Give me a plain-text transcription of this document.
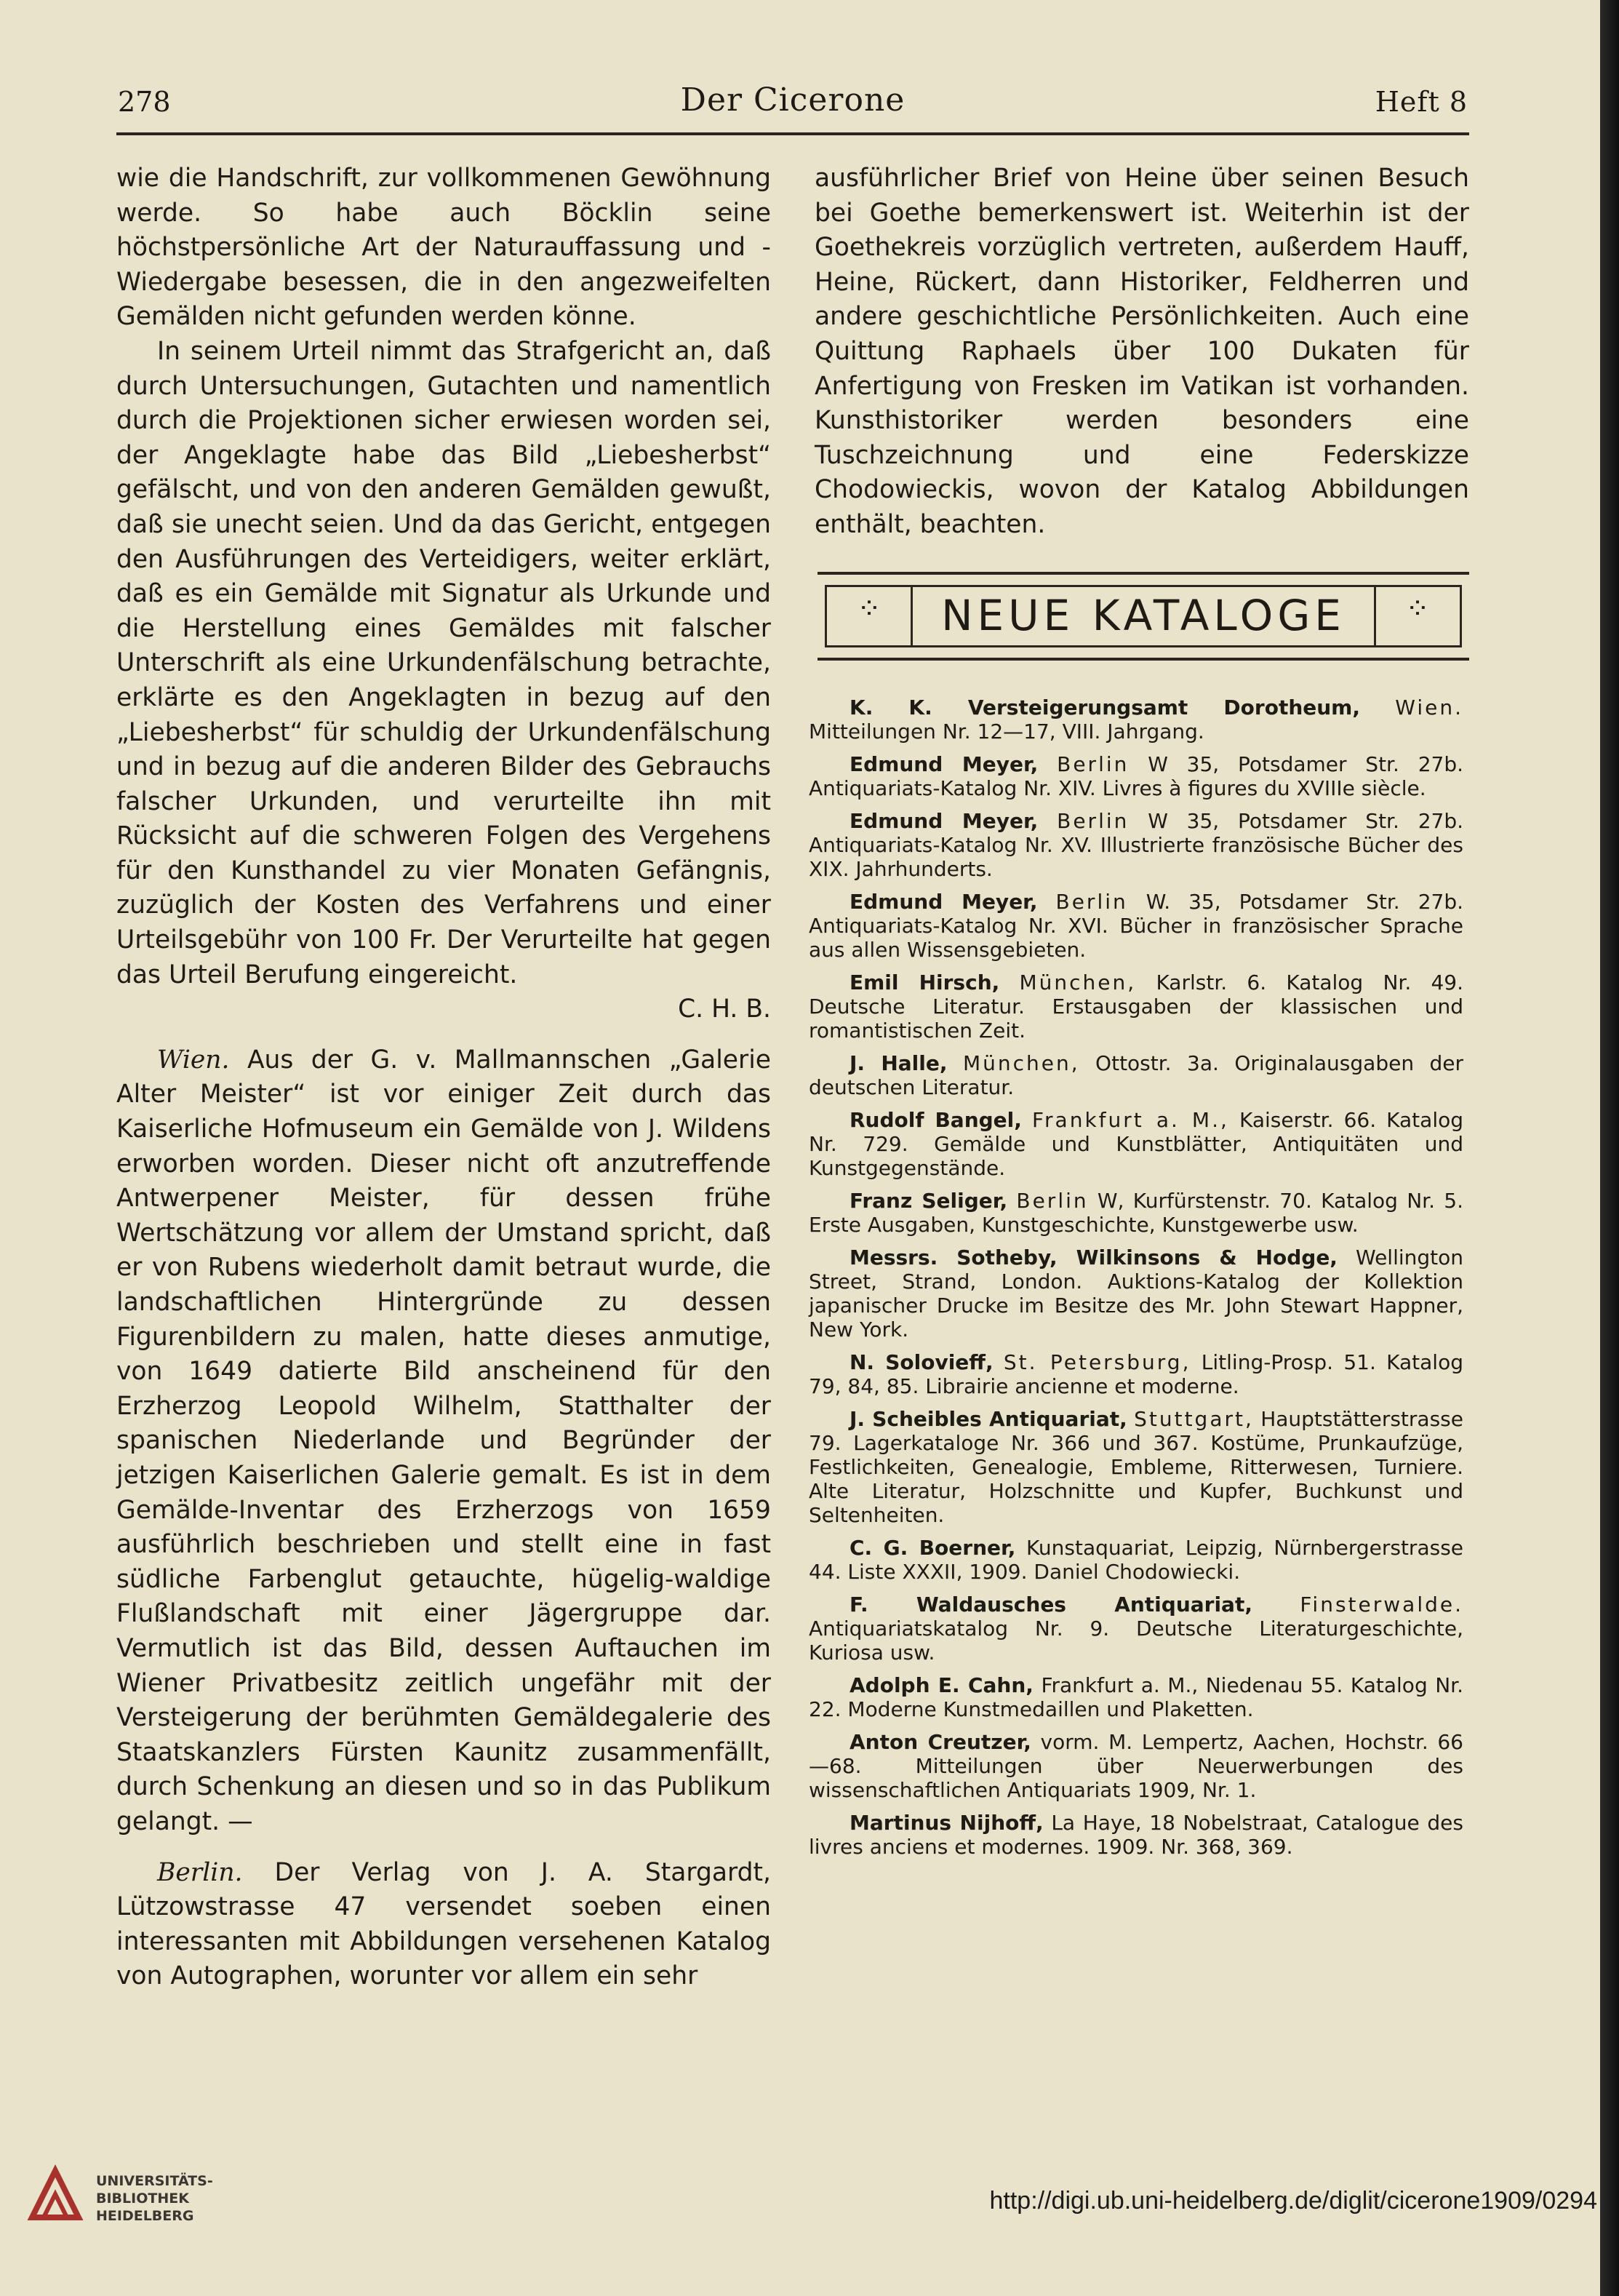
278	Der Cicerone	Heft 8

wie die Handschrift, zur vollkommenen Gewöhnung werde. So habe auch Böcklin seine höchstpersönliche Art der Naturauffassung und -Wiedergabe besessen, die in den angezweifelten Gemälden nicht gefunden werden könne.

In seinem Urteil nimmt das Strafgericht an, daß durch Untersuchungen, Gutachten und namentlich durch die Projektionen sicher erwiesen worden sei, der Angeklagte habe das Bild „Liebesherbst“ gefälscht, und von den anderen Gemälden gewußt, daß sie unecht seien. Und da das Gericht, entgegen den Ausführungen des Verteidigers, weiter erklärt, daß es ein Gemälde mit Signatur als Urkunde und die Herstellung eines Gemäldes mit falscher Unterschrift als eine Urkundenfälschung betrachte, erklärte es den Angeklagten in bezug auf den „Liebesherbst“ für schuldig der Urkundenfälschung und in bezug auf die anderen Bilder des Gebrauchs falscher Urkunden, und verurteilte ihn mit Rücksicht auf die schweren Folgen des Vergehens für den Kunsthandel zu vier Monaten Gefängnis, zuzüglich der Kosten des Verfahrens und einer Urteilsgebühr von 100 Fr. Der Verurteilte hat gegen das Urteil Berufung eingereicht.

C. H. B.

Wien. Aus der G. v. Mallmannschen „Galerie Alter Meister“ ist vor einiger Zeit durch das Kaiserliche Hofmuseum ein Gemälde von J. Wildens erworben worden. Dieser nicht oft anzutreffende Antwerpener Meister, für dessen frühe Wertschätzung vor allem der Umstand spricht, daß er von Rubens wiederholt damit betraut wurde, die landschaftlichen Hintergründe zu dessen Figurenbildern zu malen, hatte dieses anmutige, von 1649 datierte Bild anscheinend für den Erzherzog Leopold Wilhelm, Statthalter der spanischen Niederlande und Begründer der jetzigen Kaiserlichen Galerie gemalt. Es ist in dem Gemälde-Inventar des Erzherzogs von 1659 ausführlich beschrieben und stellt eine in fast südliche Farbenglut getauchte, hügelig-waldige Flußlandschaft mit einer Jägergruppe dar. Vermutlich ist das Bild, dessen Auftauchen im Wiener Privatbesitz zeitlich ungefähr mit der Versteigerung der berühmten Gemäldegalerie des Staatskanzlers Fürsten Kaunitz zusammenfällt, durch Schenkung an diesen und so in das Publikum gelangt. —

Berlin. Der Verlag von J. A. Stargardt, Lützowstrasse 47 versendet soeben einen interessanten mit Abbildungen versehenen Katalog von Autographen, worunter vor allem ein sehr

ausführlicher Brief von Heine über seinen Besuch bei Goethe bemerkenswert ist. Weiterhin ist der Goethekreis vorzüglich vertreten, außerdem Hauff, Heine, Rückert, dann Historiker, Feldherren und andere geschichtliche Persönlichkeiten. Auch eine Quittung Raphaels über 100 Dukaten für Anfertigung von Fresken im Vatikan ist vorhanden. Kunsthistoriker werden besonders eine Tuschzeichnung und eine Federskizze Chodowieckis, wovon der Katalog Abbildungen enthält, beachten.

⁘	NEUE KATALOGE	⁘
K. K. Versteigerungsamt Dorotheum, Wien. Mitteilungen Nr. 12—17, VIII. Jahrgang.
Edmund Meyer, Berlin W 35, Potsdamer Str. 27b. Antiquariats-Katalog Nr. XIV. Livres à figures du XVIIIe siècle.
Edmund Meyer, Berlin W 35, Potsdamer Str. 27b. Antiquariats-Katalog Nr. XV. Illustrierte französische Bücher des XIX. Jahrhunderts.
Edmund Meyer, Berlin W. 35, Potsdamer Str. 27b. Antiquariats-Katalog Nr. XVI. Bücher in französischer Sprache aus allen Wissensgebieten.
Emil Hirsch, München, Karlstr. 6. Katalog Nr. 49. Deutsche Literatur. Erstausgaben der klassischen und romantistischen Zeit.
J. Halle, München, Ottostr. 3a. Originalausgaben der deutschen Literatur.
Rudolf Bangel, Frankfurt a. M., Kaiserstr. 66. Katalog Nr. 729. Gemälde und Kunstblätter, Antiquitäten und Kunstgegenstände.
Franz Seliger, Berlin W, Kurfürstenstr. 70. Katalog Nr. 5. Erste Ausgaben, Kunstgeschichte, Kunstgewerbe usw.
Messrs. Sotheby, Wilkinsons & Hodge, Wellington Street, Strand, London. Auktions-Katalog der Kollektion japanischer Drucke im Besitze des Mr. John Stewart Happner, New York.
N. Solovieff, St. Petersburg, Litling-Prosp. 51. Katalog 79, 84, 85. Librairie ancienne et moderne.
J. Scheibles Antiquariat, Stuttgart, Hauptstätterstrasse 79. Lagerkataloge Nr. 366 und 367. Kostüme, Prunkaufzüge, Festlichkeiten, Genealogie, Embleme, Ritterwesen, Turniere. Alte Literatur, Holzschnitte und Kupfer, Buchkunst und Seltenheiten.
C. G. Boerner, Kunstaquariat, Leipzig, Nürnbergerstrasse 44. Liste XXXII, 1909. Daniel Chodowiecki.
F. Waldausches Antiquariat, Finsterwalde. Antiquariatskatalog Nr. 9. Deutsche Literaturgeschichte, Kuriosa usw.
Adolph E. Cahn, Frankfurt a. M., Niedenau 55. Katalog Nr. 22. Moderne Kunstmedaillen und Plaketten.
Anton Creutzer, vorm. M. Lempertz, Aachen, Hochstr. 66—68. Mitteilungen über Neuerwerbungen des wissenschaftlichen Antiquariats 1909, Nr. 1.
Martinus Nijhoff, La Haye, 18 Nobelstraat, Catalogue des livres anciens et modernes. 1909. Nr. 368, 369.
UNIVERSITÄTS-
BIBLIOTHEK
HEIDELBERG
http://digi.ub.uni-heidelberg.de/diglit/cicerone1909/0294
